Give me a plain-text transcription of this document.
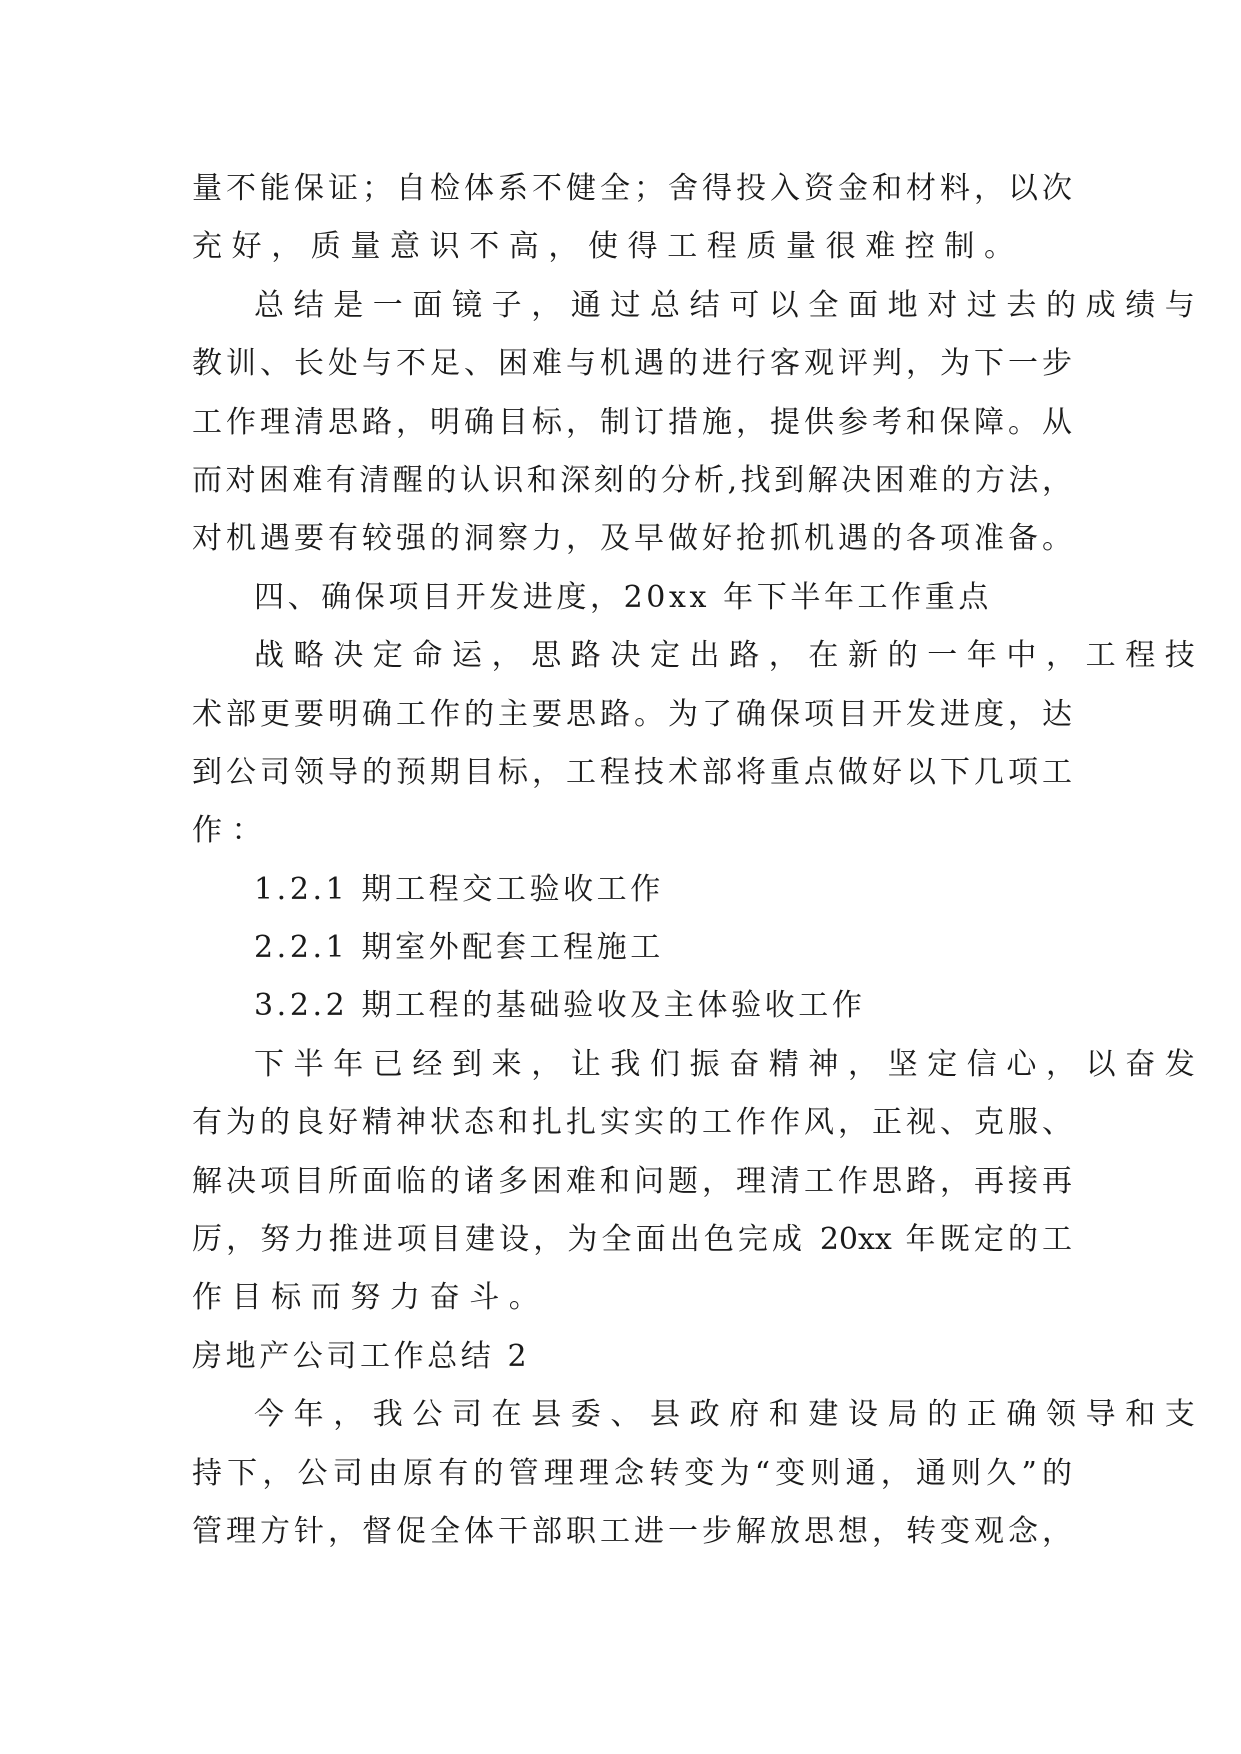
量不能保证；自检体系不健全；舍得投入资金和材料，以次
充好，质量意识不高，使得工程质量很难控制。
总结是一面镜子，通过总结可以全面地对过去的成绩与
教训、长处与不足、困难与机遇的进行客观评判，为下一步
工作理清思路，明确目标，制订措施，提供参考和保障。从
而对困难有清醒的认识和深刻的分析,找到解决困难的方法，
对机遇要有较强的洞察力，及早做好抢抓机遇的各项准备。
四、确保项目开发进度，20xx 年下半年工作重点
战略决定命运，思路决定出路，在新的一年中，工程技
术部更要明确工作的主要思路。为了确保项目开发进度，达
到公司领导的预期目标，工程技术部将重点做好以下几项工
作：
1.2.1 期工程交工验收工作
2.2.1 期室外配套工程施工
3.2.2 期工程的基础验收及主体验收工作
下半年已经到来，让我们振奋精神，坚定信心，以奋发
有为的良好精神状态和扎扎实实的工作作风，正视、克服、
解决项目所面临的诸多困难和问题，理清工作思路，再接再
厉，努力推进项目建设，为全面出色完成 20xx 年既定的工
作目标而努力奋斗。
房地产公司工作总结 2
今年，我公司在县委、县政府和建设局的正确领导和支
持下，公司由原有的管理理念转变为“变则通，通则久”的
管理方针，督促全体干部职工进一步解放思想，转变观念，
